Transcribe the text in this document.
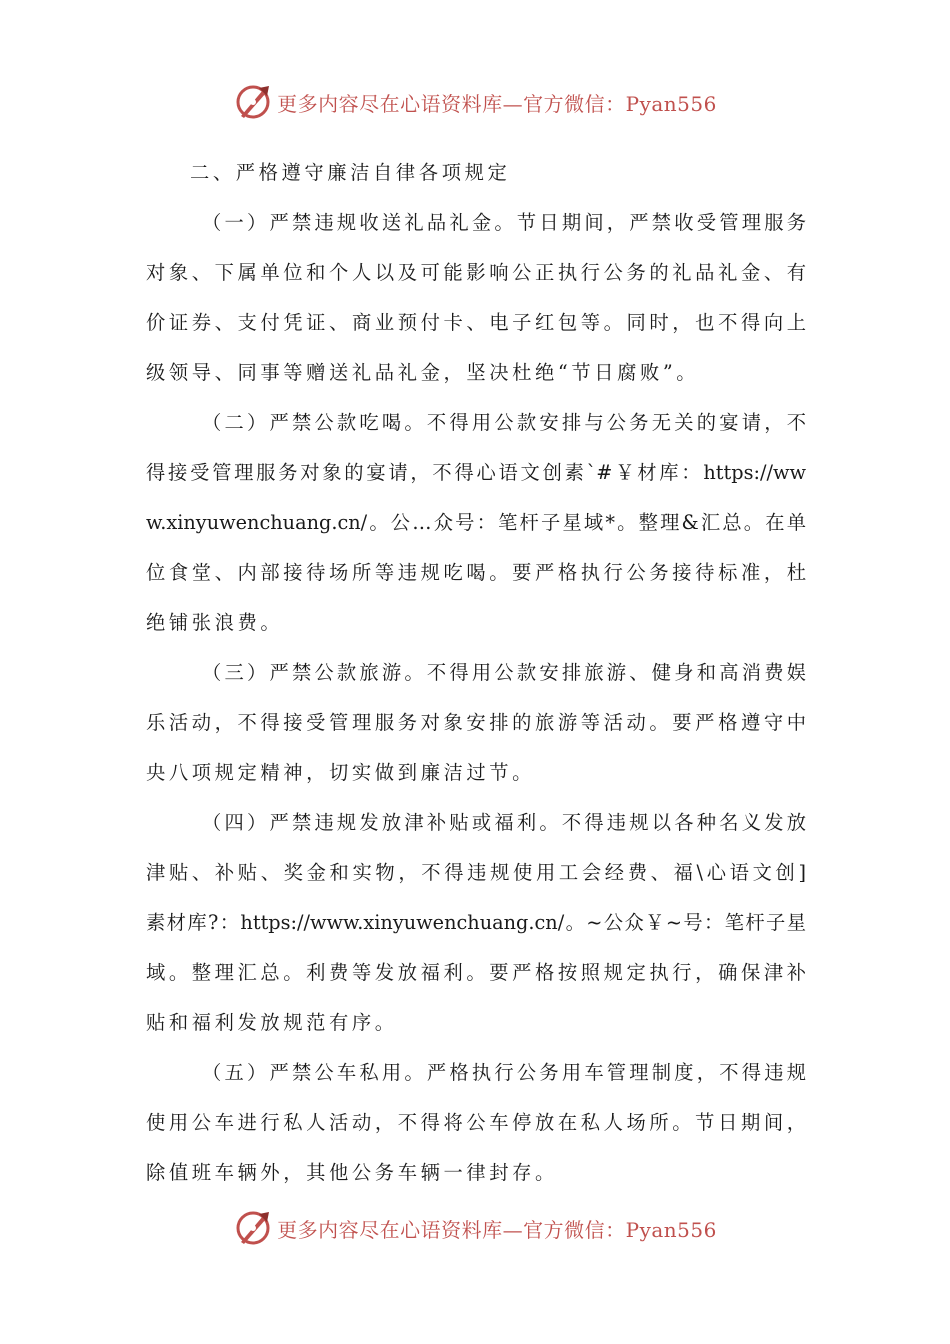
更多内容尽在心语资料库—官方微信：Pyan556
二、严格遵守廉洁自律各项规定
（一）严禁违规收送礼品礼金。节日期间，严禁收受管理服务
对象、下属单位和个人以及可能影响公正执行公务的礼品礼金、有
价证券、支付凭证、商业预付卡、电子红包等。同时，也不得向上
级领导、同事等赠送礼品礼金，坚决杜绝“节日腐败”。
（二）严禁公款吃喝。不得用公款安排与公务无关的宴请，不
得接受管理服务对象的宴请，不得心语文创素`#￥材库：https://ww
w.xinyuwenchuang.cn/。公…众号：笔杆子星域*。整理&汇总。在单
位食堂、内部接待场所等违规吃喝。要严格执行公务接待标准，杜
绝铺张浪费。
（三）严禁公款旅游。不得用公款安排旅游、健身和高消费娱
乐活动，不得接受管理服务对象安排的旅游等活动。要严格遵守中
央八项规定精神，切实做到廉洁过节。
（四）严禁违规发放津补贴或福利。不得违规以各种名义发放
津贴、补贴、奖金和实物，不得违规使用工会经费、福\心语文创]
素材库?：https://www.xinyuwenchuang.cn/。~公众￥~号：笔杆子星
域。整理汇总。利费等发放福利。要严格按照规定执行，确保津补
贴和福利发放规范有序。
（五）严禁公车私用。严格执行公务用车管理制度，不得违规
使用公车进行私人活动，不得将公车停放在私人场所。节日期间，
除值班车辆外，其他公务车辆一律封存。
更多内容尽在心语资料库—官方微信：Pyan556
